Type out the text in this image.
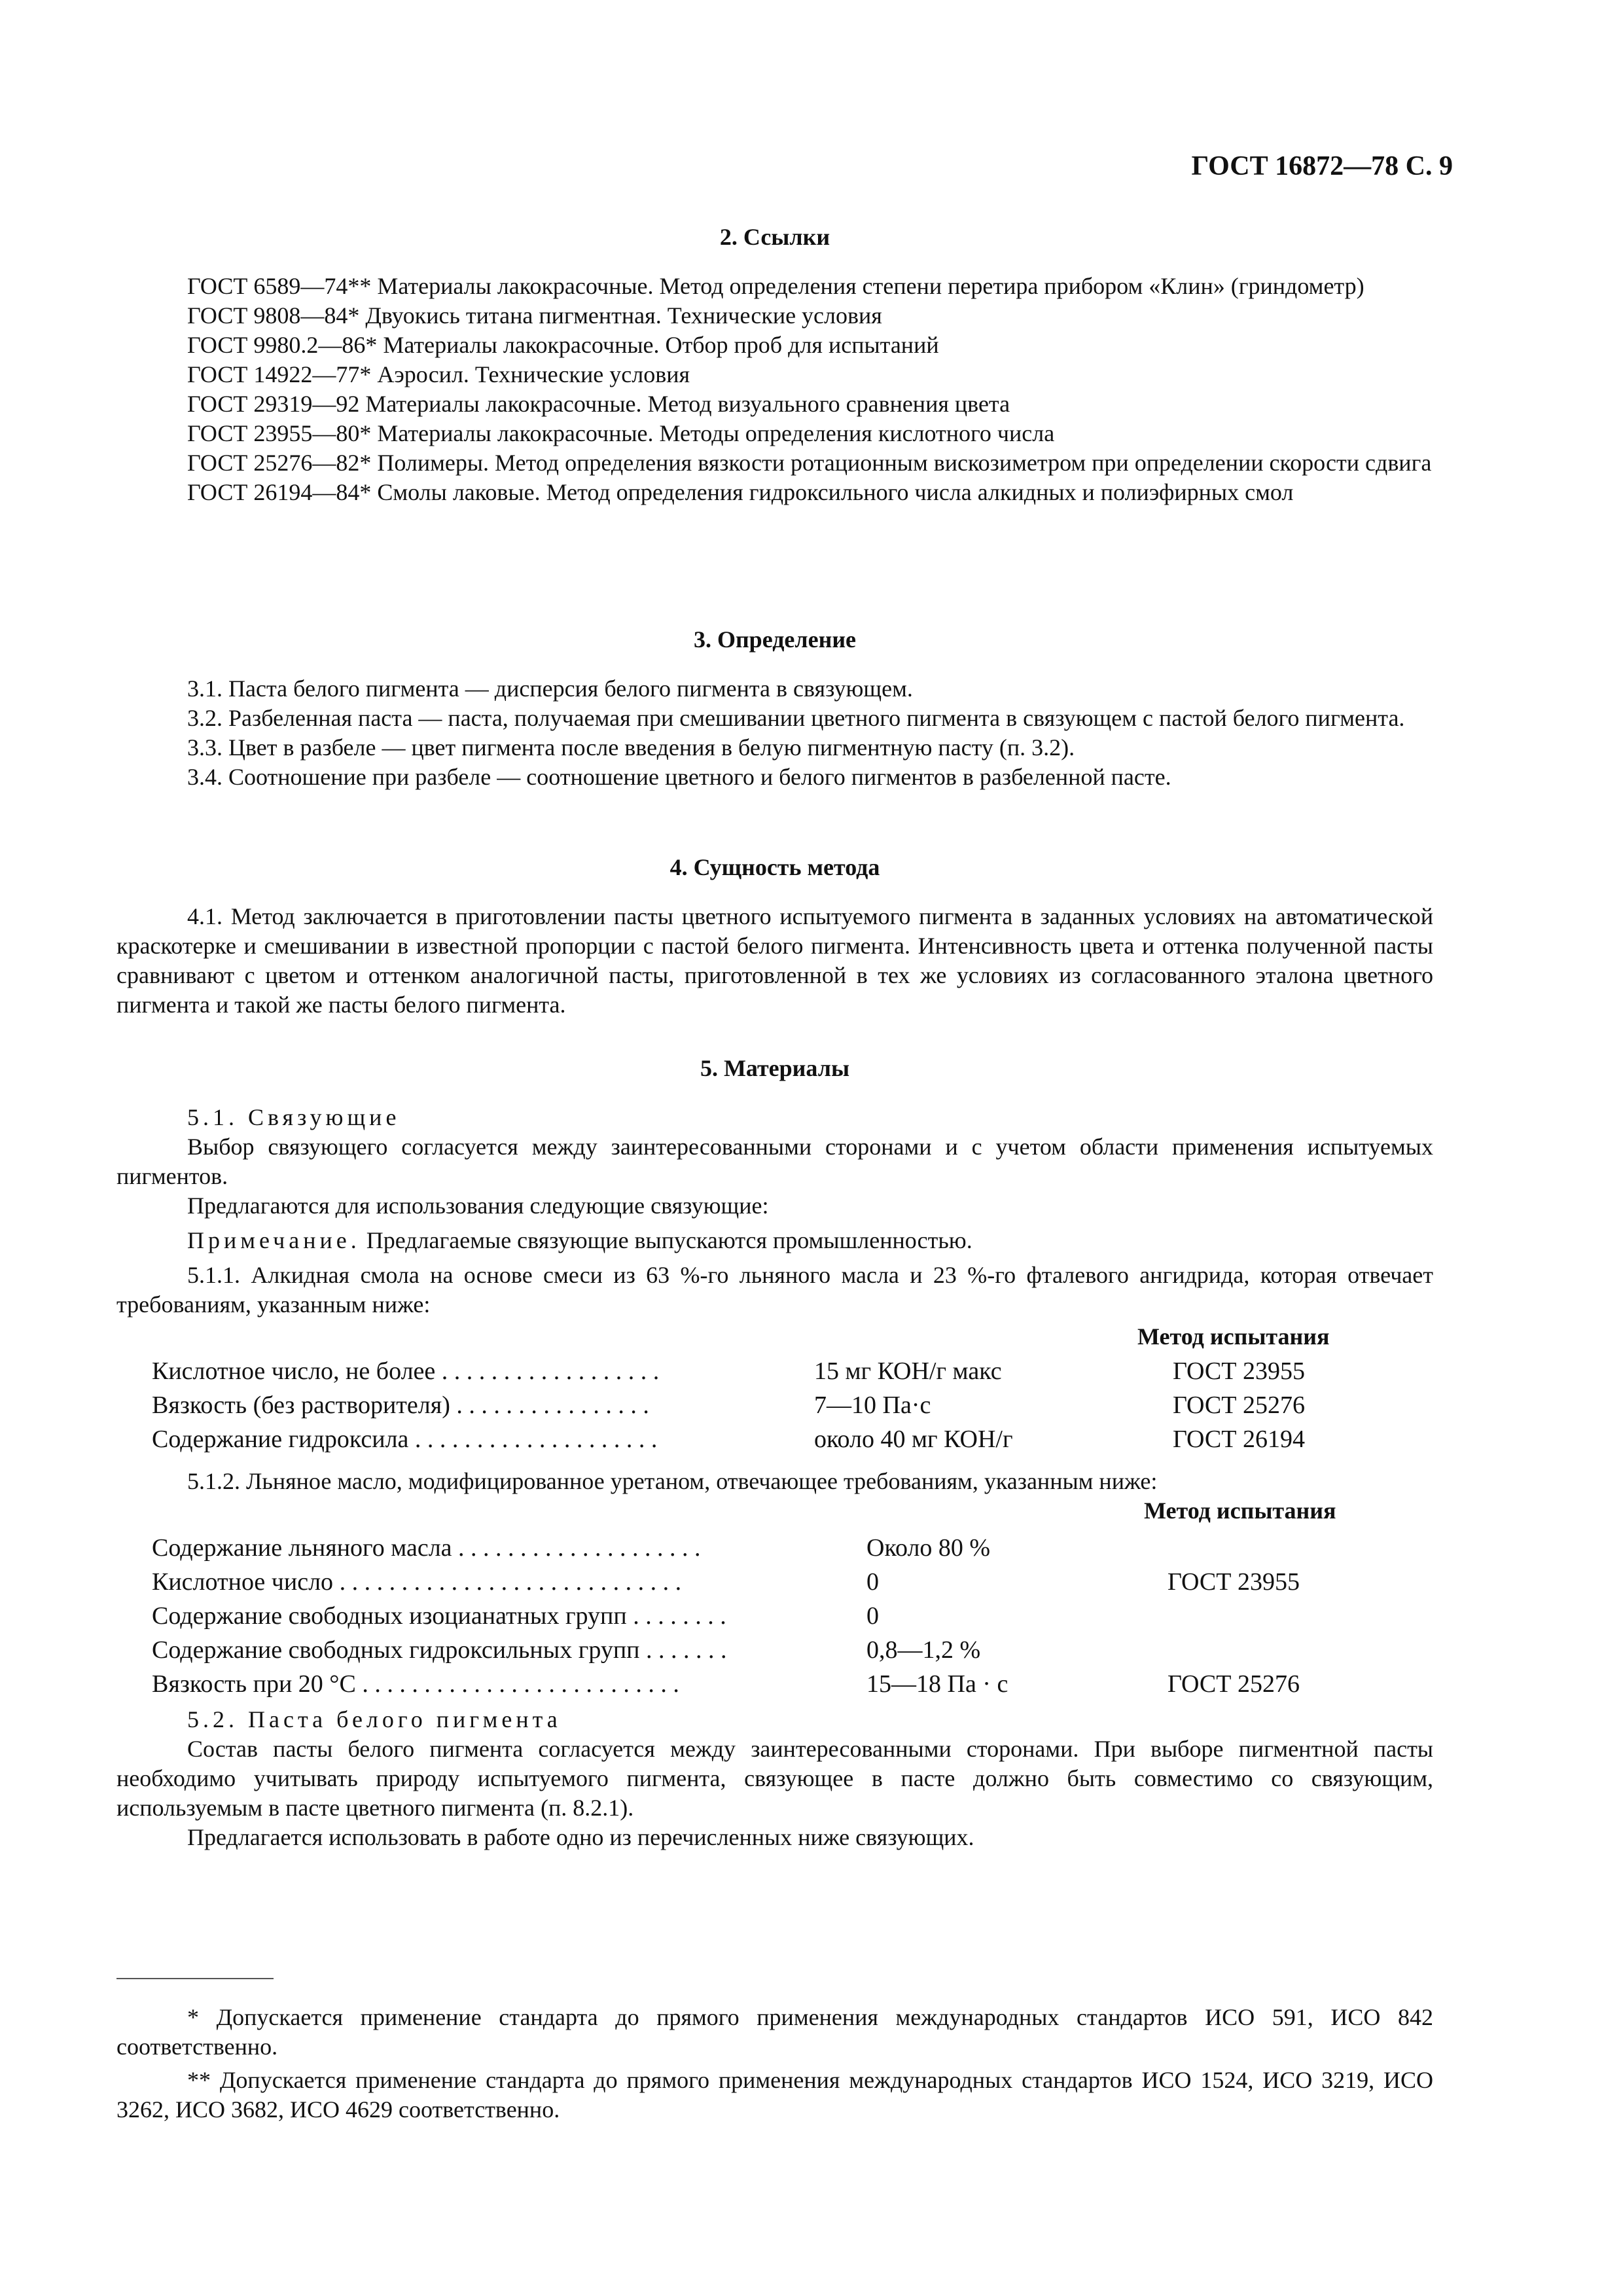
ГОСТ 16872—78 С. 9
2. Ссылки
ГОСТ 6589—74** Материалы лакокрасочные. Метод определения степени перетира прибором «Клин» (гриндометр)
ГОСТ 9808—84* Двуокись титана пигментная. Технические условия
ГОСТ 9980.2—86* Материалы лакокрасочные. Отбор проб для испытаний
ГОСТ 14922—77* Аэросил. Технические условия
ГОСТ 29319—92 Материалы лакокрасочные. Метод визуального сравнения цвета
ГОСТ 23955—80* Материалы лакокрасочные. Методы определения кислотного числа
ГОСТ 25276—82* Полимеры. Метод определения вязкости ротационным вискозиметром при определении скорости сдвига
ГОСТ 26194—84* Смолы лаковые. Метод определения гидроксильного числа алкидных и полиэфирных смол
3. Определение
3.1. Паста белого пигмента — дисперсия белого пигмента в связующем.
3.2. Разбеленная паста — паста, получаемая при смешивании цветного пигмента в связующем с пастой белого пигмента.
3.3. Цвет в разбеле — цвет пигмента после введения в белую пигментную пасту (п. 3.2).
3.4. Соотношение при разбеле — соотношение цветного и белого пигментов в разбеленной пасте.
4. Сущность метода
4.1. Метод заключается в приготовлении пасты цветного испытуемого пигмента в заданных условиях на автоматической краскотерке и смешивании в известной пропорции с пастой белого пигмента. Интенсивность цвета и оттенка полученной пасты сравнивают с цветом и оттенком аналогичной пасты, приготовленной в тех же условиях из согласованного эталона цветного пигмента и такой же пасты белого пигмента.
5. Материалы
5.1. Связующие
Выбор связующего согласуется между заинтересованными сторонами и с учетом области применения испытуемых пигментов.
Предлагаются для использования следующие связующие:
Примечание. Предлагаемые связующие выпускаются промышленностью.
5.1.1. Алкидная смола на основе смеси из 63 %-го льняного масла и 23 %-го фталевого ангидрида, которая отвечает требованиям, указанным ниже:
Метод испытания
Кислотное число, не более . . . . . . . . . . . . . . . . . .	15 мг КОН/г макс	ГОСТ 23955
Вязкость (без растворителя) . . . . . . . . . . . . . . . .	7—10 Па·с	ГОСТ 25276
Содержание гидроксила . . . . . . . . . . . . . . . . . . . .	около 40 мг КОН/г	ГОСТ 26194
5.1.2. Льняное масло, модифицированное уретаном, отвечающее требованиям, указанным ниже:
Метод испытания
Содержание льняного масла . . . . . . . . . . . . . . . . . . . .	Около 80 %	
Кислотное число . . . . . . . . . . . . . . . . . . . . . . . . . . . .	0	ГОСТ 23955
Содержание свободных изоцианатных групп . . . . . . . .	0	
Содержание свободных гидроксильных групп . . . . . . .	0,8—1,2 %	
Вязкость при 20 °С . . . . . . . . . . . . . . . . . . . . . . . . . .	15—18 Па · с	ГОСТ 25276
5.2. Паста белого пигмента
Состав пасты белого пигмента согласуется между заинтересованными сторонами. При выборе пигментной пасты необходимо учитывать природу испытуемого пигмента, связующее в пасте должно быть совместимо со связующим, используемым в пасте цветного пигмента (п. 8.2.1).
Предлагается использовать в работе одно из перечисленных ниже связующих.
* Допускается применение стандарта до прямого применения международных стандартов ИСО 591, ИСО 842 соответственно.
** Допускается применение стандарта до прямого применения международных стандартов ИСО 1524, ИСО 3219, ИСО 3262, ИСО 3682, ИСО 4629 соответственно.
